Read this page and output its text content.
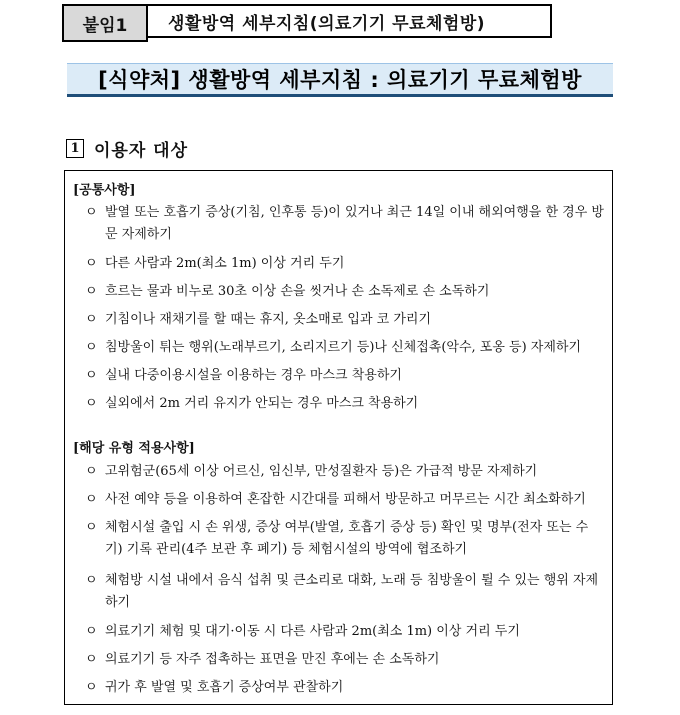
붙임1	생활방역 세부지침(의료기기 무료체험방)
[식약처] 생활방역 세부지침 : 의료기기 무료체험방
1 이용자 대상
[공통사항]
ㅇ 발열 또는 호흡기 증상(기침, 인후통 등)이 있거나 최근 14일 이내 해외여행을 한 경우 방문 자제하기
ㅇ 다른 사람과 2m(최소 1m) 이상 거리 두기
ㅇ 흐르는 물과 비누로 30초 이상 손을 씻거나 손 소독제로 손 소독하기
ㅇ 기침이나 재채기를 할 때는 휴지, 옷소매로 입과 코 가리기
ㅇ 침방울이 튀는 행위(노래부르기, 소리지르기 등)나 신체접촉(악수, 포옹 등) 자제하기
ㅇ 실내 다중이용시설을 이용하는 경우 마스크 착용하기
ㅇ 실외에서 2m 거리 유지가 안되는 경우 마스크 착용하기
[해당 유형 적용사항]
ㅇ 고위험군(65세 이상 어르신, 임신부, 만성질환자 등)은 가급적 방문 자제하기
ㅇ 사전 예약 등을 이용하여 혼잡한 시간대를 피해서 방문하고 머무르는 시간 최소화하기
ㅇ 체험시설 출입 시 손 위생, 증상 여부(발열, 호흡기 증상 등) 확인 및 명부(전자 또는 수기) 기록 관리(4주 보관 후 폐기) 등 체험시설의 방역에 협조하기
ㅇ 체험방 시설 내에서 음식 섭취 및 큰소리로 대화, 노래 등 침방울이 튈 수 있는 행위 자제하기
ㅇ 의료기기 체험 및 대기·이동 시 다른 사람과 2m(최소 1m) 이상 거리 두기
ㅇ 의료기기 등 자주 접촉하는 표면을 만진 후에는 손 소독하기
ㅇ 귀가 후 발열 및 호흡기 증상여부 관찰하기
